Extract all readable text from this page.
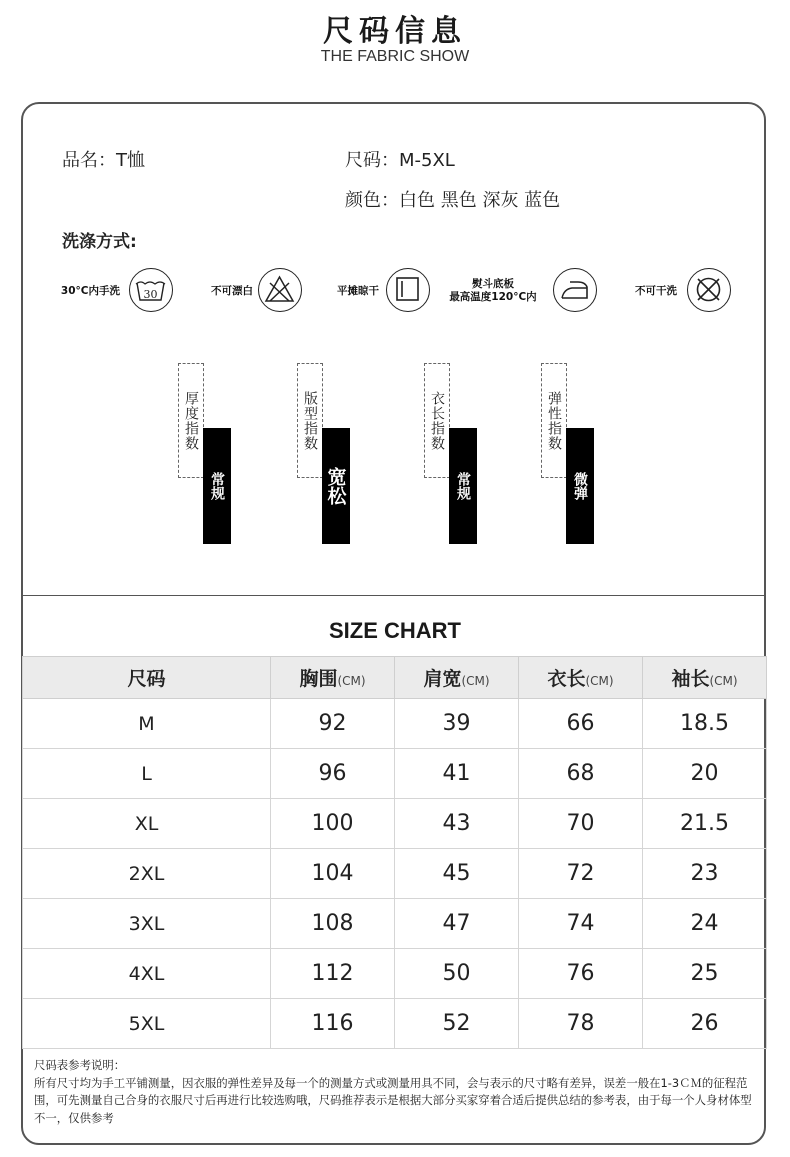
尺码信息
THE FABRIC SHOW
品名：T恤	尺码：M-5XL
颜色：白色 黑色 深灰 蓝色
洗涤方式:
30°C内手洗 30	不可漂白	平摊晾干
熨斗底板
最高温度120°C内	不可干洗
厚度指数
常规
版型指数
宽松
衣长指数
常规
弹性指数
微弹
SIZE CHART
尺码	胸围(CM)	肩宽(CM)	衣长(CM)	袖长(CM)
M	92	39	66	18.5
L	96	41	68	20
XL	100	43	70	21.5
2XL	104	45	72	23
3XL	108	47	74	24
4XL	112	50	76	25
5XL	116	52	78	26
尺码表参考说明：
所有尺寸均为手工平铺测量，因衣服的弹性差异及每一个的测量方式或测量用具不同，会与表示的尺寸略有差异，误差一般在1-3ＣＭ的征程范围，可先测量自己合身的衣服尺寸后再进行比较选购哦，尺码推荐表示是根据大部分买家穿着合适后提供总结的参考表，由于每一个人身材体型不一，仅供参考
